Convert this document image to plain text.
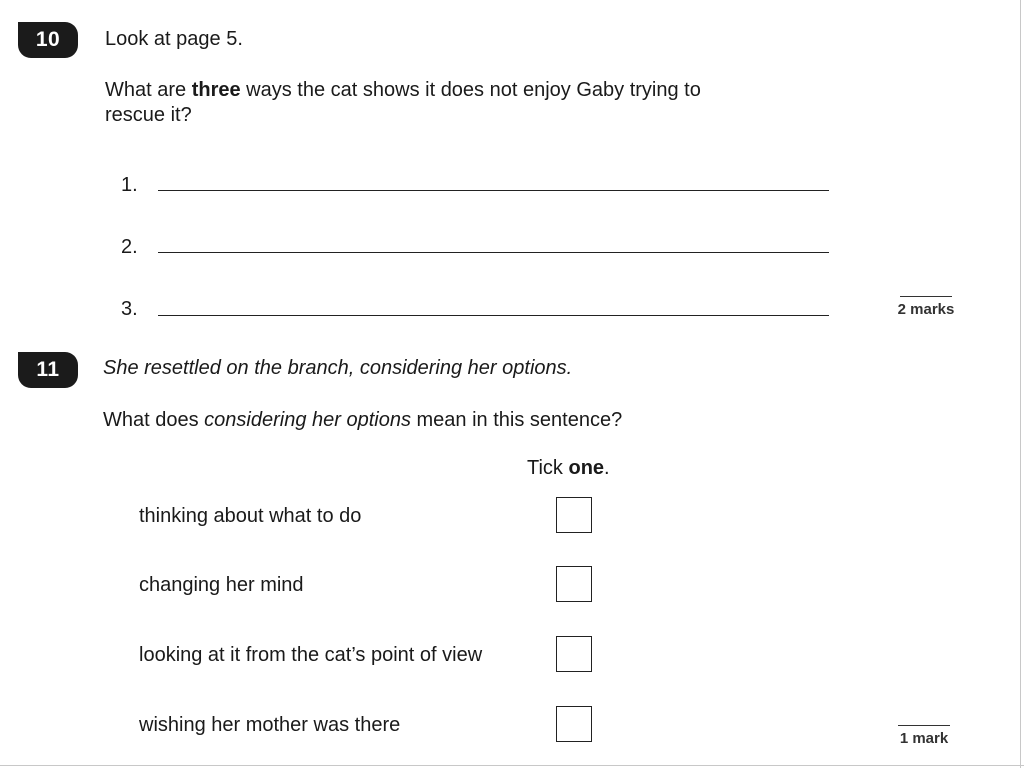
10 Look at page 5.
What are three ways the cat shows it does not enjoy Gaby trying to
rescue it?
1.
2.
3.	2 marks
11 She resettled on the branch, considering her options.
What does considering her options mean in this sentence?
Tick one.
thinking about what to do
changing her mind
looking at it from the cat’s point of view
wishing her mother was there
1 mark
